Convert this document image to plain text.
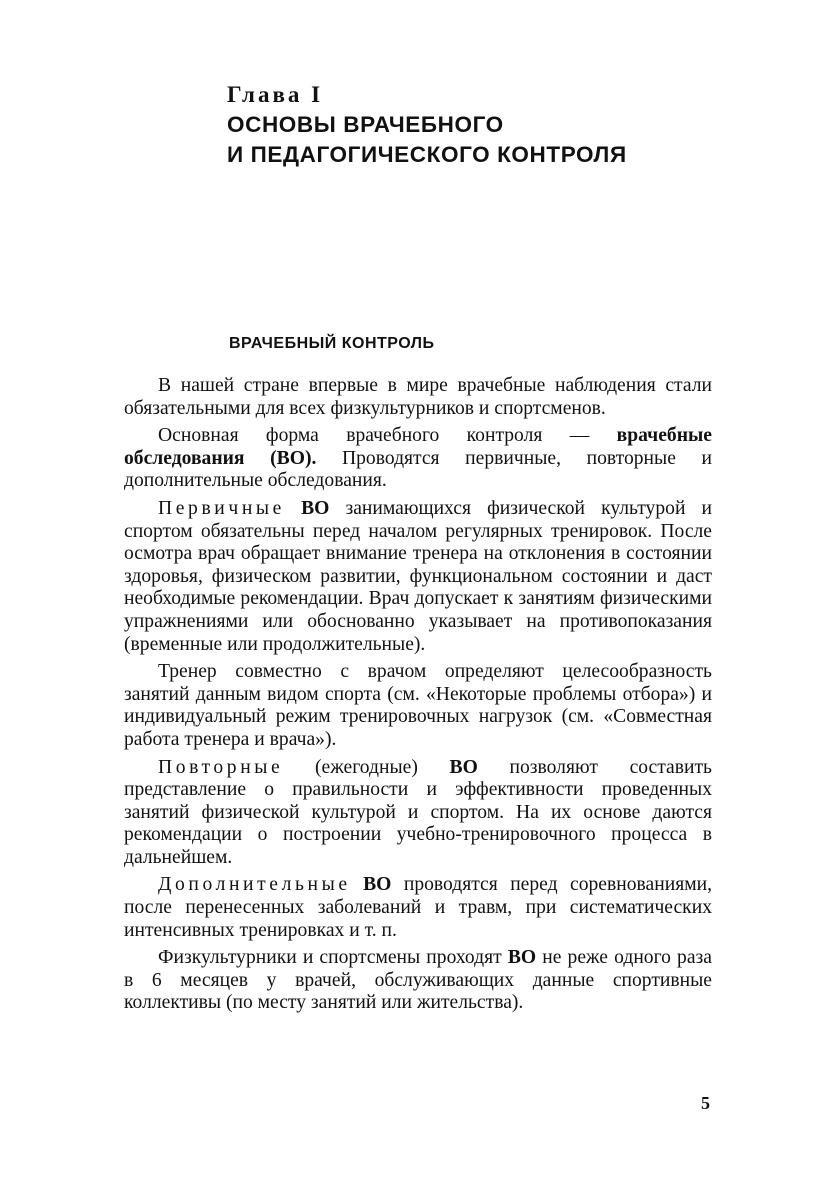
Глава I

ОСНОВЫ ВРАЧЕБНОГО

И ПЕДАГОГИЧЕСКОГО КОНТРОЛЯ

ВРАЧЕБНЫЙ КОНТРОЛЬ

В нашей стране впервые в мире врачебные наблюдения стали обязательными для всех физкультурников и спортсменов.

Основная форма врачебного контроля — врачебные обследования (ВО). Проводятся первичные, повторные и дополнительные обследования.

Первичные ВО занимающихся физической культурой и спортом обязательны перед началом регулярных тренировок. После осмотра врач обращает внимание тренера на отклонения в состоянии здоровья, физическом развитии, функциональном состоянии и даст необходимые рекомендации. Врач допускает к занятиям физическими упражнениями или обоснованно указывает на противопоказания (временные или продолжительные).

Тренер совместно с врачом определяют целесообразность занятий данным видом спорта (см. «Некоторые проблемы отбора») и индивидуальный режим тренировочных нагрузок (см. «Совместная работа тренера и врача»).

Повторные (ежегодные) ВО позволяют составить представление о правильности и эффективности проведенных занятий физической культурой и спортом. На их основе даются рекомендации о построении учебно-тренировочного процесса в дальнейшем.

Дополнительные ВО проводятся перед соревнованиями, после перенесенных заболеваний и травм, при систематических интенсивных тренировках и т. п.

Физкультурники и спортсмены проходят ВО не реже одного раза в 6 месяцев у врачей, обслуживающих данные спортивные коллективы (по месту занятий или жительства).

5
